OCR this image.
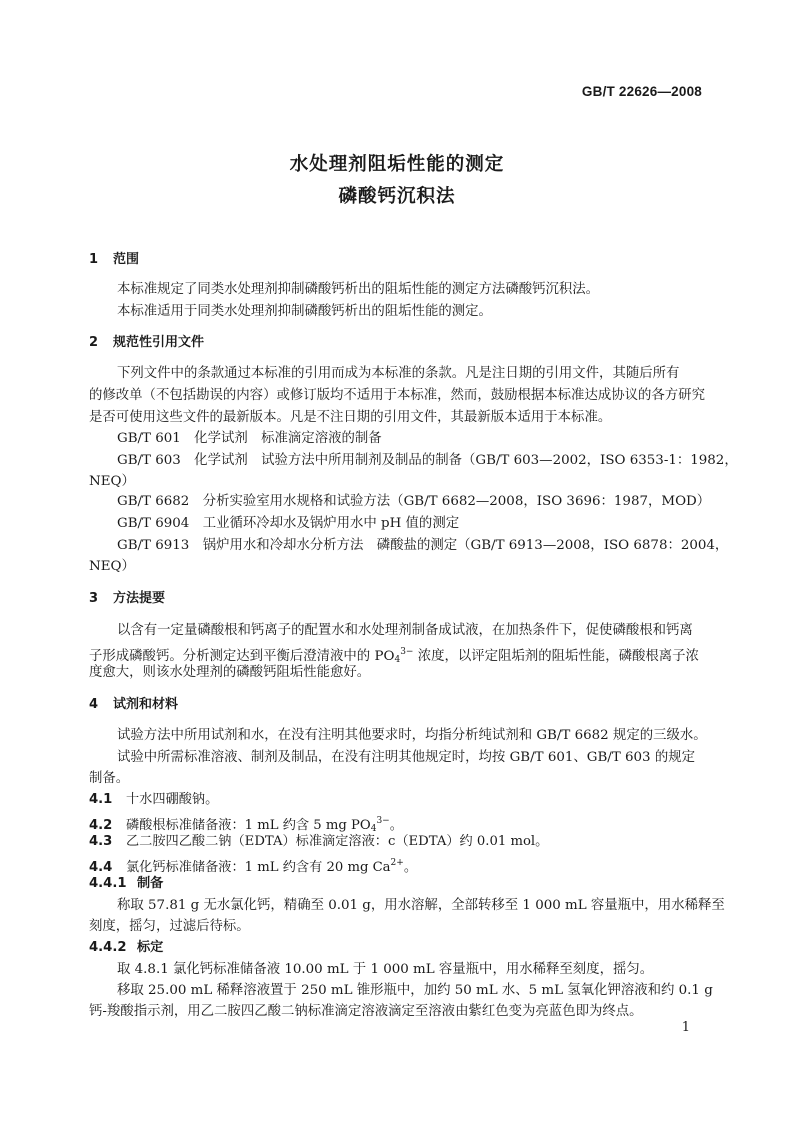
GB/T 22626—2008
水处理剂阻垢性能的测定
磷酸钙沉积法
1 范围
本标准规定了同类水处理剂抑制磷酸钙析出的阻垢性能的测定方法磷酸钙沉积法。
本标准适用于同类水处理剂抑制磷酸钙析出的阻垢性能的测定。
2 规范性引用文件
下列文件中的条款通过本标准的引用而成为本标准的条款。凡是注日期的引用文件，其随后所有
的修改单（不包括勘误的内容）或修订版均不适用于本标准，然而，鼓励根据本标准达成协议的各方研究
是否可使用这些文件的最新版本。凡是不注日期的引用文件，其最新版本适用于本标准。
GB/T 601　化学试剂　标准滴定溶液的制备
GB/T 603　化学试剂　试验方法中所用制剂及制品的制备（GB/T 603—2002，ISO 6353-1：1982，
NEQ）
GB/T 6682　分析实验室用水规格和试验方法（GB/T 6682—2008，ISO 3696：1987，MOD）
GB/T 6904　工业循环冷却水及锅炉用水中 pH 值的测定
GB/T 6913　锅炉用水和冷却水分析方法　磷酸盐的测定（GB/T 6913—2008，ISO 6878：2004，
NEQ）
3 方法提要
以含有一定量磷酸根和钙离子的配置水和水处理剂制备成试液，在加热条件下，促使磷酸根和钙离
子形成磷酸钙。分析测定达到平衡后澄清液中的 $PO4^{3-}$ 浓度，以评定阻垢剂的阻垢性能，磷酸根离子浓
度愈大，则该水处理剂的磷酸钙阻垢性能愈好。
4 试剂和材料
试验方法中所用试剂和水，在没有注明其他要求时，均指分析纯试剂和 GB/T 6682 规定的三级水。
试验中所需标准溶液、制剂及制品，在没有注明其他规定时，均按 GB/T 601、GB/T 603 的规定
制备。
4.1 十水四硼酸钠。
4.2 磷酸根标准储备液：1 mL 约含 5 mg $PO4^{3-}$。
4.3 乙二胺四乙酸二钠（EDTA）标准滴定溶液：c（EDTA）约 0.01 mol。
4.4 氯化钙标准储备液：1 mL 约含有 20 mg $Ca^{2+}$。
4.4.1 制备
称取 57.81 g 无水氯化钙，精确至 0.01 g，用水溶解，全部转移至 1 000 mL 容量瓶中，用水稀释至
刻度，摇匀，过滤后待标。
4.4.2 标定
取 4.8.1 氯化钙标准储备液 10.00 mL 于 1 000 mL 容量瓶中，用水稀释至刻度，摇匀。
移取 25.00 mL 稀释溶液置于 250 mL 锥形瓶中，加约 50 mL 水、5 mL 氢氧化钾溶液和约 0.1 g
钙-羧酸指示剂，用乙二胺四乙酸二钠标准滴定溶液滴定至溶液由紫红色变为亮蓝色即为终点。
1
